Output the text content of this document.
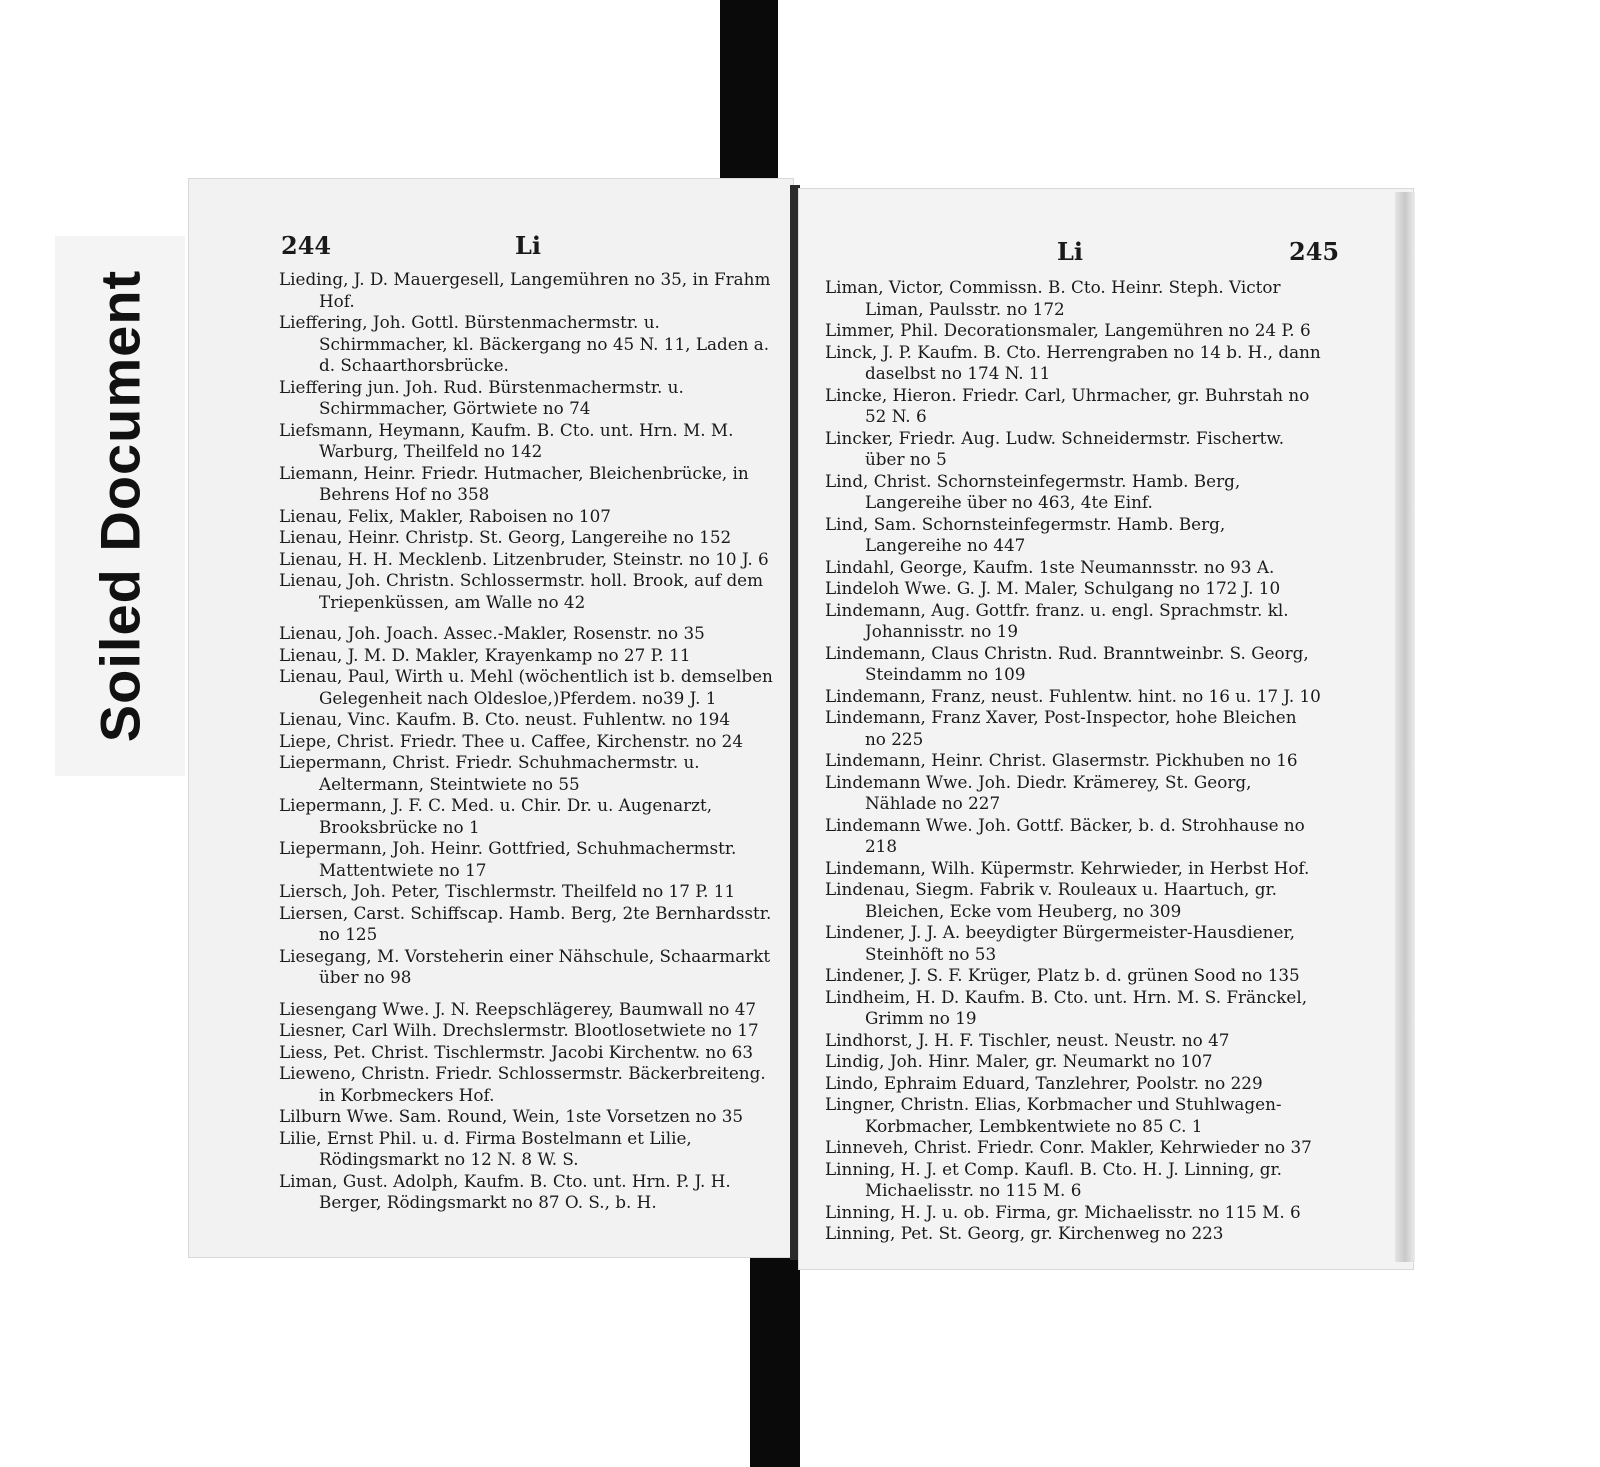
Soiled Document
244	Li

Lieding, J. D. Mauergesell, Langemühren no 35, in Frahm Hof.

Lieffering, Joh. Gottl. Bürstenmachermstr. u. Schirmmacher, kl. Bäckergang no 45 N. 11, Laden a. d. Schaarthorsbrücke.

Lieffering jun. Joh. Rud. Bürstenmachermstr. u. Schirmmacher, Görtwiete no 74

Liefsmann, Heymann, Kaufm. B. Cto. unt. Hrn. M. M. Warburg, Theilfeld no 142

Liemann, Heinr. Friedr. Hutmacher, Bleichenbrücke, in Behrens Hof no 358

Lienau, Felix, Makler, Raboisen no 107

Lienau, Heinr. Christp. St. Georg, Langereihe no 152

Lienau, H. H. Mecklenb. Litzenbruder, Steinstr. no 10 J. 6

Lienau, Joh. Christn. Schlossermstr. holl. Brook, auf dem Triepenküssen, am Walle no 42

Lienau, Joh. Joach. Assec.-Makler, Rosenstr. no 35

Lienau, J. M. D. Makler, Krayenkamp no 27 P. 11

Lienau, Paul, Wirth u. Mehl (wöchentlich ist b. demselben Gelegenheit nach Oldesloe,)Pferdem. no39 J. 1

Lienau, Vinc. Kaufm. B. Cto. neust. Fuhlentw. no 194

Liepe, Christ. Friedr. Thee u. Caffee, Kirchenstr. no 24

Liepermann, Christ. Friedr. Schuhmachermstr. u. Aeltermann, Steintwiete no 55

Liepermann, J. F. C. Med. u. Chir. Dr. u. Augenarzt, Brooksbrücke no 1

Liepermann, Joh. Heinr. Gottfried, Schuhmachermstr. Mattentwiete no 17

Liersch, Joh. Peter, Tischlermstr. Theilfeld no 17 P. 11

Liersen, Carst. Schiffscap. Hamb. Berg, 2te Bernhardsstr. no 125

Liesegang, M. Vorsteherin einer Nähschule, Schaarmarkt über no 98

Liesengang Wwe. J. N. Reepschlägerey, Baumwall no 47

Liesner, Carl Wilh. Drechslermstr. Blootlosetwiete no 17

Liess, Pet. Christ. Tischlermstr. Jacobi Kirchentw. no 63

Lieweno, Christn. Friedr. Schlossermstr. Bäckerbreiteng. in Korbmeckers Hof.

Lilburn Wwe. Sam. Round, Wein, 1ste Vorsetzen no 35

Lilie, Ernst Phil. u. d. Firma Bostelmann et Lilie, Rödingsmarkt no 12 N. 8 W. S.

Liman, Gust. Adolph, Kaufm. B. Cto. unt. Hrn. P. J. H. Berger, Rödingsmarkt no 87 O. S., b. H.

Li	245

Liman, Victor, Commissn. B. Cto. Heinr. Steph. Victor Liman, Paulsstr. no 172

Limmer, Phil. Decorationsmaler, Langemühren no 24 P. 6

Linck, J. P. Kaufm. B. Cto. Herrengraben no 14 b. H., dann daselbst no 174 N. 11

Lincke, Hieron. Friedr. Carl, Uhrmacher, gr. Buhrstah no 52 N. 6

Lincker, Friedr. Aug. Ludw. Schneidermstr. Fischertw. über no 5

Lind, Christ. Schornsteinfegermstr. Hamb. Berg, Langereihe über no 463, 4te Einf.

Lind, Sam. Schornsteinfegermstr. Hamb. Berg, Langereihe no 447

Lindahl, George, Kaufm. 1ste Neumannsstr. no 93 A.

Lindeloh Wwe. G. J. M. Maler, Schulgang no 172 J. 10

Lindemann, Aug. Gottfr. franz. u. engl. Sprachmstr. kl. Johannisstr. no 19

Lindemann, Claus Christn. Rud. Branntweinbr. S. Georg, Steindamm no 109

Lindemann, Franz, neust. Fuhlentw. hint. no 16 u. 17 J. 10

Lindemann, Franz Xaver, Post-Inspector, hohe Bleichen no 225

Lindemann, Heinr. Christ. Glasermstr. Pickhuben no 16

Lindemann Wwe. Joh. Diedr. Krämerey, St. Georg, Nählade no 227

Lindemann Wwe. Joh. Gottf. Bäcker, b. d. Strohhause no 218

Lindemann, Wilh. Küpermstr. Kehrwieder, in Herbst Hof.

Lindenau, Siegm. Fabrik v. Rouleaux u. Haartuch, gr. Bleichen, Ecke vom Heuberg, no 309

Lindener, J. J. A. beeydigter Bürgermeister-Hausdiener, Steinhöft no 53

Lindener, J. S. F. Krüger, Platz b. d. grünen Sood no 135

Lindheim, H. D. Kaufm. B. Cto. unt. Hrn. M. S. Fränckel, Grimm no 19

Lindhorst, J. H. F. Tischler, neust. Neustr. no 47

Lindig, Joh. Hinr. Maler, gr. Neumarkt no 107

Lindo, Ephraim Eduard, Tanzlehrer, Poolstr. no 229

Lingner, Christn. Elias, Korbmacher und Stuhlwagen-Korbmacher, Lembkentwiete no 85 C. 1

Linneveh, Christ. Friedr. Conr. Makler, Kehrwieder no 37

Linning, H. J. et Comp. Kaufl. B. Cto. H. J. Linning, gr. Michaelisstr. no 115 M. 6

Linning, H. J. u. ob. Firma, gr. Michaelisstr. no 115 M. 6

Linning, Pet. St. Georg, gr. Kirchenweg no 223
